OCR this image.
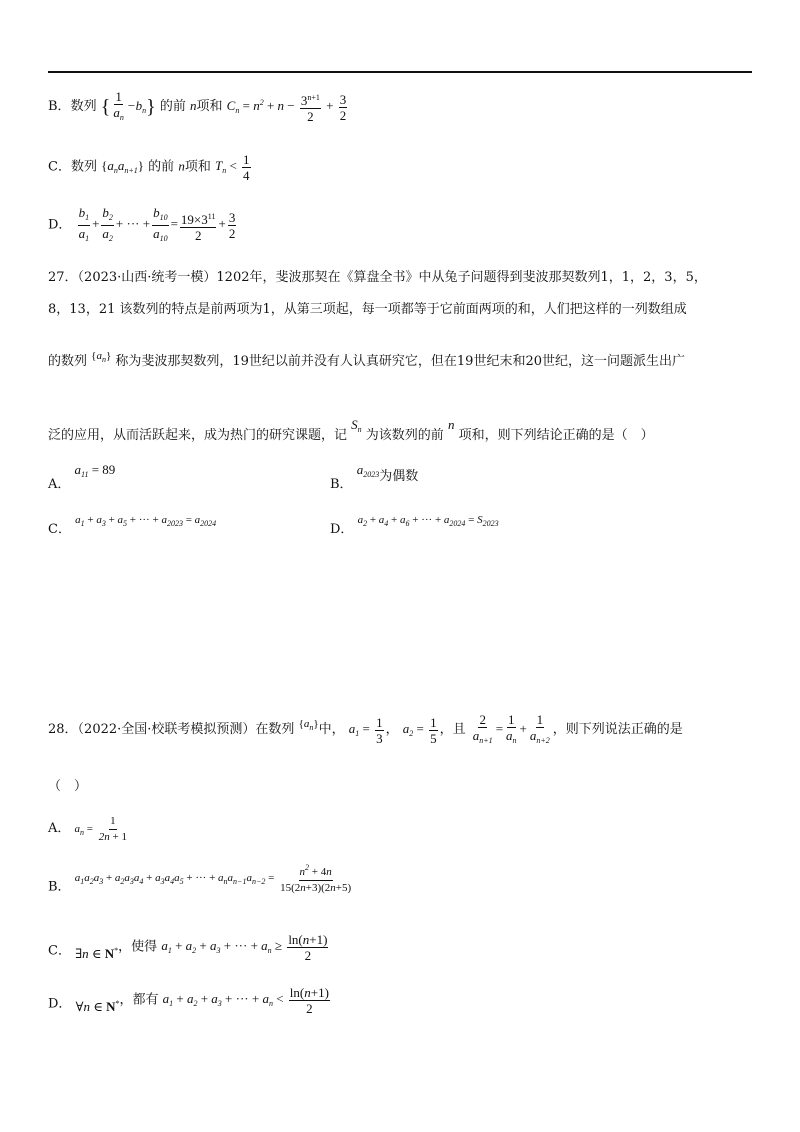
B．数列 { $\frac{1}{a_n} -b_n$} 的前 n项和 $C_n = n^2 + n - \frac{3^{n+1}}{2} + \frac{3}{2}$
C．数列 $\{a_na_{n+1}\}$ 的前 n项和 $T_n < \frac{1}{4}$
D． $\frac{b_1}{a_1} + \frac{b_2}{a_2}$ + ··· + $\frac{b_{10}}{a_{10}} = \frac{19\times 3^{11}}{2} + \frac{3}{2}$
27．（2023·山西·统考一模）1202年，斐波那契在《算盘全书》中从兔子问题得到斐波那契数列1，1，2，3，5，
8，13，21 该数列的特点是前两项为1，从第三项起，每一项都等于它前面两项的和，人们把这样的一列数组成
的数列 $^{\{a_n\}}$ 称为斐波那契数列，19世纪以前并没有人认真研究它，但在19世纪末和20世纪，这一问题派生出广
泛的应用，从而活跃起来，成为热门的研究课题，记 $S_n$ 为该数列的前 n 项和，则下列结论正确的是（　）
A． $a_{11} = 89$
B． $a_{2023}$为偶数
C． $a_1 + a_3 + a_5$ + ··· + $a_{2023} = a_{2024}$	D． $a_2 + a_4 + a_6$ + ··· + $a_{2024} = S_{2023}$
28．（2022·全国·校联考模拟预测）在数列 $^{\{a_n\}}$中， $a_1 = \frac{1}{3}$ ， $a_2 = \frac{1}{5}$ ，且 $\frac{2}{a_{n+1}} = \frac{1}{a_n} + \frac{1}{a_{n+2}}$ ，则下列说法正确的是
（　）
A． $a_n = \frac{1}{2n + 1}$
B． $a_1a_2a_3 + a_2a_3a_4 + a_3a_4a_5$ + ··· + $a_na_{n-1}a_{n-2} = \frac{n^2 + 4n}{15(2n+3)(2n+5)}$
C． ∃n ∈ N*，使得 $a_1 + a_2 + a_3$ + ··· + $a_n \ge \frac{\ln(n+1)}{2}$
D． ∀n ∈ N*，都有 $a_1 + a_2 + a_3$ + ··· + $a_n < \frac{\ln(n+1)}{2}$
